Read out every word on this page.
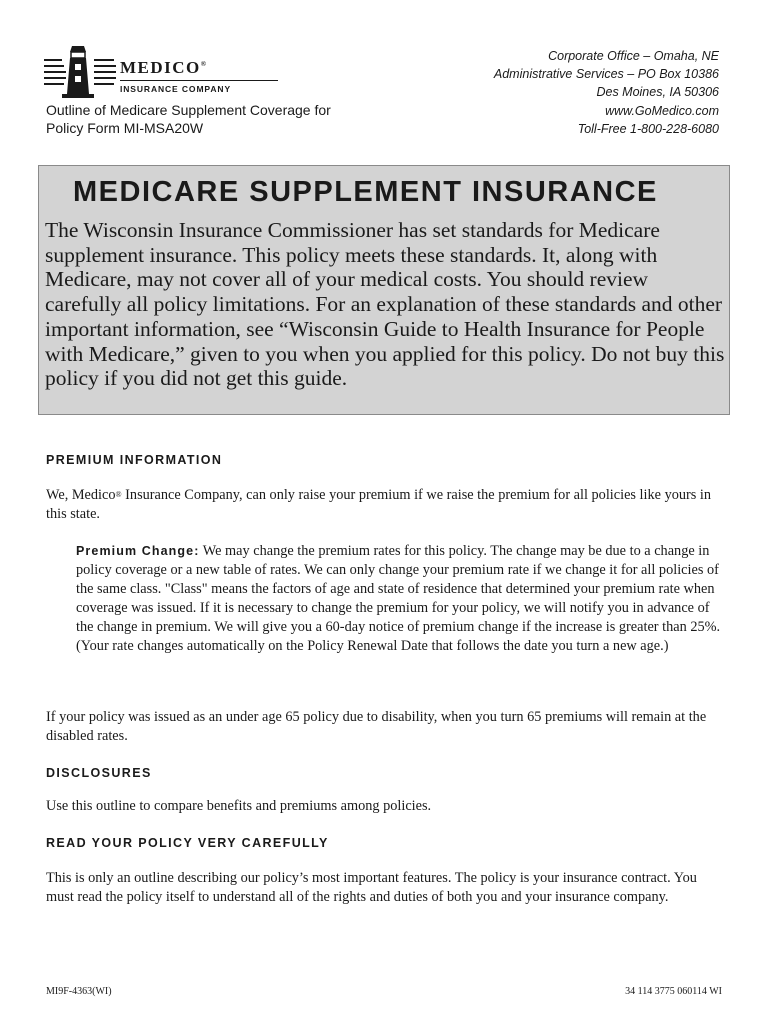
MEDICO®
INSURANCE COMPANY
Outline of Medicare Supplement Coverage for
Policy Form MI-MSA20W
Corporate Office – Omaha, NE
Administrative Services – PO Box 10386
Des Moines, IA 50306
www.GoMedico.com
Toll-Free 1-800-228-6080
MEDICARE SUPPLEMENT INSURANCE
The Wisconsin Insurance Commissioner has set standards for Medicare supplement insurance. This policy meets these standards. It, along with Medicare, may not cover all of your medical costs. You should review carefully all policy limitations. For an explanation of these standards and other important information, see “Wisconsin Guide to Health Insurance for People with Medicare,” given to you when you applied for this policy. Do not buy this policy if you did not get this guide.
PREMIUM INFORMATION
We, Medico® Insurance Company, can only raise your premium if we raise the premium for all policies like yours in this state.
Premium Change: We may change the premium rates for this policy. The change may be due to a change in policy coverage or a new table of rates. We can only change your premium rate if we change it for all policies of the same class. "Class" means the factors of age and state of residence that determined your premium rate when coverage was issued. If it is necessary to change the premium for your policy, we will notify you in advance of the change in premium. We will give you a 60-day notice of premium change if the increase is greater than 25%. (Your rate changes automatically on the Policy Renewal Date that follows the date you turn a new age.)
If your policy was issued as an under age 65 policy due to disability, when you turn 65 premiums will remain at the disabled rates.
DISCLOSURES
Use this outline to compare benefits and premiums among policies.
READ YOUR POLICY VERY CAREFULLY
This is only an outline describing our policy’s most important features. The policy is your insurance contract. You must read the policy itself to understand all of the rights and duties of both you and your insurance company.
MI9F-4363(WI)	34 114 3775 060114 WI
